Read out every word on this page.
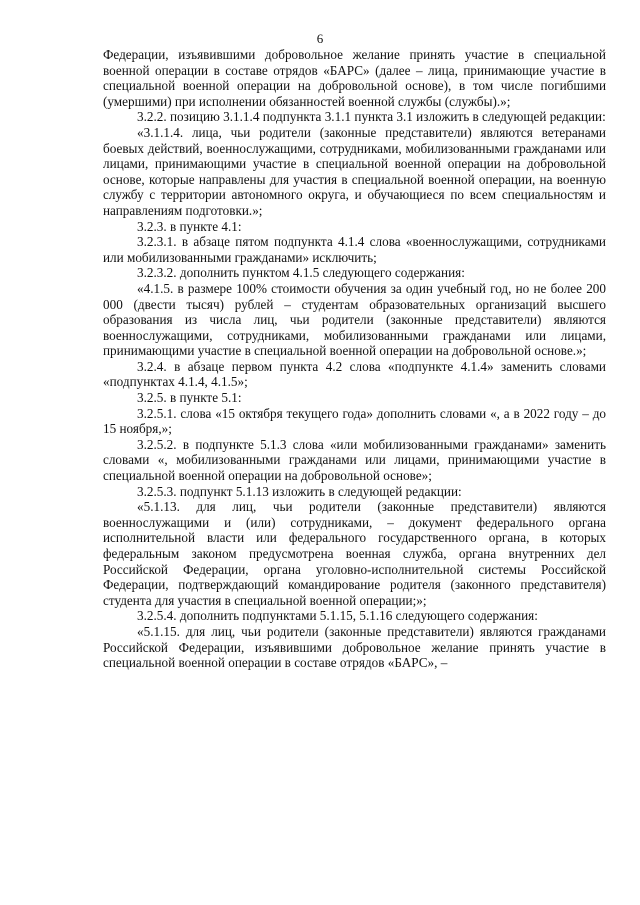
6

Федерации, изъявившими добровольное желание принять участие в специальной военной операции в составе отрядов «БАРС» (далее – лица, принимающие участие в специальной военной операции на добровольной основе), в том числе погибшими (умершими) при исполнении обязанностей военной службы (службы).»;

3.2.2. позицию 3.1.1.4 подпункта 3.1.1 пункта 3.1 изложить в следующей редакции:

«3.1.1.4. лица, чьи родители (законные представители) являются ветеранами боевых действий, военнослужащими, сотрудниками, мобилизованными гражданами или лицами, принимающими участие в специальной военной операции на добровольной основе, которые направлены для участия в специальной военной операции, на военную службу с территории автономного округа, и обучающиеся по всем специальностям и направлениям подготовки.»;

3.2.3. в пункте 4.1:

3.2.3.1. в абзаце пятом подпункта 4.1.4 слова «военнослужащими, сотрудниками или мобилизованными гражданами» исключить;

3.2.3.2. дополнить пунктом 4.1.5 следующего содержания:

«4.1.5. в размере 100% стоимости обучения за один учебный год, но не более 200 000 (двести тысяч) рублей – студентам образовательных организаций высшего образования из числа лиц, чьи родители (законные представители) являются военнослужащими, сотрудниками, мобилизованными гражданами или лицами, принимающими участие в специальной военной операции на добровольной основе.»;

3.2.4. в абзаце первом пункта 4.2 слова «подпункте 4.1.4» заменить словами «подпунктах 4.1.4, 4.1.5»;

3.2.5. в пункте 5.1:

3.2.5.1. слова «15 октября текущего года» дополнить словами «, а в 2022 году – до 15 ноября,»;

3.2.5.2. в подпункте 5.1.3 слова «или мобилизованными гражданами» заменить словами «, мобилизованными гражданами или лицами, принимающими участие в специальной военной операции на добровольной основе»;

3.2.5.3. подпункт 5.1.13 изложить в следующей редакции:

«5.1.13. для лиц, чьи родители (законные представители) являются военнослужащими и (или) сотрудниками, – документ федерального органа исполнительной власти или федерального государственного органа, в которых федеральным законом предусмотрена военная служба, органа внутренних дел Российской Федерации, органа уголовно-исполнительной системы Российской Федерации, подтверждающий командирование родителя (законного представителя) студента для участия в специальной военной операции;»;

3.2.5.4. дополнить подпунктами 5.1.15, 5.1.16 следующего содержания:

«5.1.15. для лиц, чьи родители (законные представители) являются гражданами Российской Федерации, изъявившими добровольное желание принять участие в специальной военной операции в составе отрядов «БАРС», –
